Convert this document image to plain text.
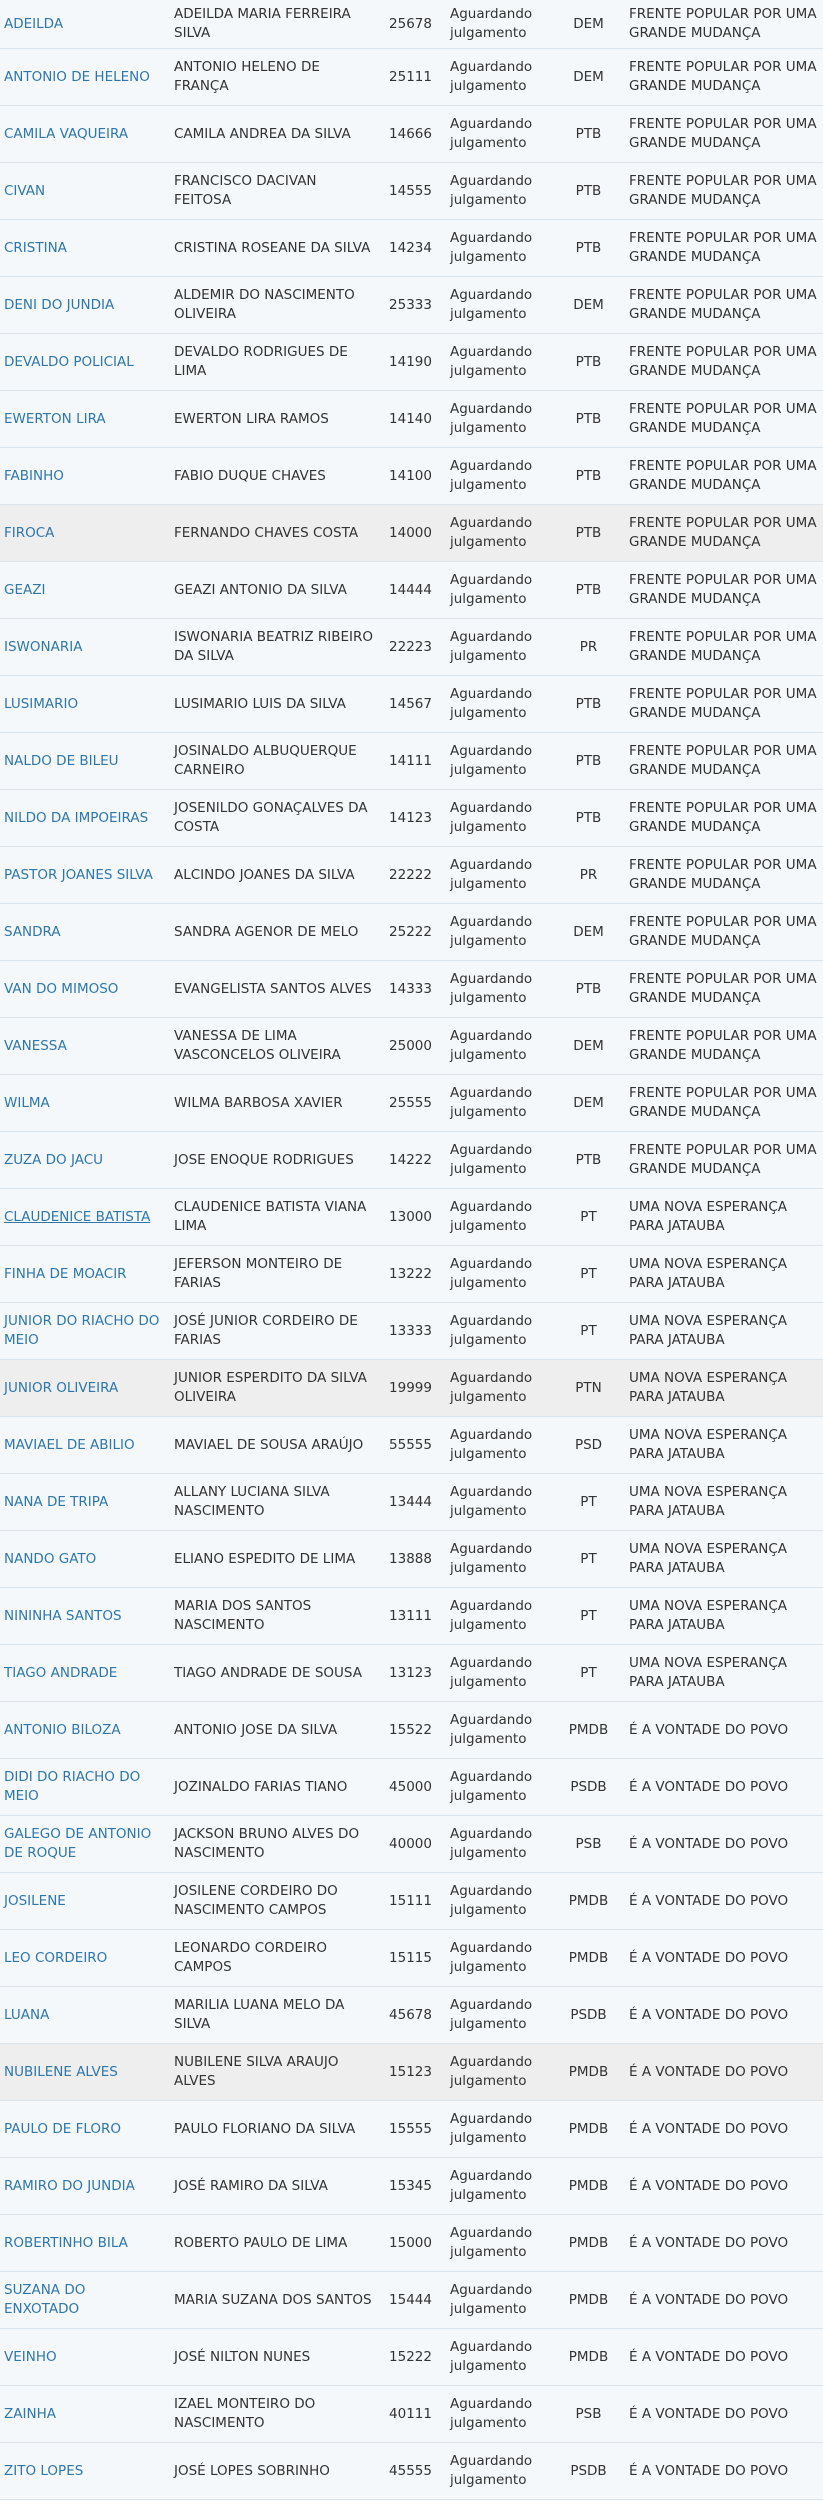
ADEILDA	ADEILDA MARIA FERREIRA SILVA	25678	Aguardando julgamento	DEM	FRENTE POPULAR POR UMA GRANDE MUDANÇA
ANTONIO DE HELENO	ANTONIO HELENO DE FRANÇA	25111	Aguardando julgamento	DEM	FRENTE POPULAR POR UMA GRANDE MUDANÇA
CAMILA VAQUEIRA	CAMILA ANDREA DA SILVA	14666	Aguardando julgamento	PTB	FRENTE POPULAR POR UMA GRANDE MUDANÇA
CIVAN	FRANCISCO DACIVAN FEITOSA	14555	Aguardando julgamento	PTB	FRENTE POPULAR POR UMA GRANDE MUDANÇA
CRISTINA	CRISTINA ROSEANE DA SILVA	14234	Aguardando julgamento	PTB	FRENTE POPULAR POR UMA GRANDE MUDANÇA
DENI DO JUNDIA	ALDEMIR DO NASCIMENTO OLIVEIRA	25333	Aguardando julgamento	DEM	FRENTE POPULAR POR UMA GRANDE MUDANÇA
DEVALDO POLICIAL	DEVALDO RODRIGUES DE LIMA	14190	Aguardando julgamento	PTB	FRENTE POPULAR POR UMA GRANDE MUDANÇA
EWERTON LIRA	EWERTON LIRA RAMOS	14140	Aguardando julgamento	PTB	FRENTE POPULAR POR UMA GRANDE MUDANÇA
FABINHO	FABIO DUQUE CHAVES	14100	Aguardando julgamento	PTB	FRENTE POPULAR POR UMA GRANDE MUDANÇA
FIROCA	FERNANDO CHAVES COSTA	14000	Aguardando julgamento	PTB	FRENTE POPULAR POR UMA GRANDE MUDANÇA
GEAZI	GEAZI ANTONIO DA SILVA	14444	Aguardando julgamento	PTB	FRENTE POPULAR POR UMA GRANDE MUDANÇA
ISWONARIA	ISWONARIA BEATRIZ RIBEIRO DA SILVA	22223	Aguardando julgamento	PR	FRENTE POPULAR POR UMA GRANDE MUDANÇA
LUSIMARIO	LUSIMARIO LUIS DA SILVA	14567	Aguardando julgamento	PTB	FRENTE POPULAR POR UMA GRANDE MUDANÇA
NALDO DE BILEU	JOSINALDO ALBUQUERQUE CARNEIRO	14111	Aguardando julgamento	PTB	FRENTE POPULAR POR UMA GRANDE MUDANÇA
NILDO DA IMPOEIRAS	JOSENILDO GONAÇALVES DA COSTA	14123	Aguardando julgamento	PTB	FRENTE POPULAR POR UMA GRANDE MUDANÇA
PASTOR JOANES SILVA	ALCINDO JOANES DA SILVA	22222	Aguardando julgamento	PR	FRENTE POPULAR POR UMA GRANDE MUDANÇA
SANDRA	SANDRA AGENOR DE MELO	25222	Aguardando julgamento	DEM	FRENTE POPULAR POR UMA GRANDE MUDANÇA
VAN DO MIMOSO	EVANGELISTA SANTOS ALVES	14333	Aguardando julgamento	PTB	FRENTE POPULAR POR UMA GRANDE MUDANÇA
VANESSA	VANESSA DE LIMA VASCONCELOS OLIVEIRA	25000	Aguardando julgamento	DEM	FRENTE POPULAR POR UMA GRANDE MUDANÇA
WILMA	WILMA BARBOSA XAVIER	25555	Aguardando julgamento	DEM	FRENTE POPULAR POR UMA GRANDE MUDANÇA
ZUZA DO JACU	JOSE ENOQUE RODRIGUES	14222	Aguardando julgamento	PTB	FRENTE POPULAR POR UMA GRANDE MUDANÇA
CLAUDENICE BATISTA	CLAUDENICE BATISTA VIANA LIMA	13000	Aguardando julgamento	PT	UMA NOVA ESPERANÇA PARA JATAUBA
FINHA DE MOACIR	JEFERSON MONTEIRO DE FARIAS	13222	Aguardando julgamento	PT	UMA NOVA ESPERANÇA PARA JATAUBA
JUNIOR DO RIACHO DO MEIO	JOSÉ JUNIOR CORDEIRO DE FARIAS	13333	Aguardando julgamento	PT	UMA NOVA ESPERANÇA PARA JATAUBA
JUNIOR OLIVEIRA	JUNIOR ESPERDITO DA SILVA OLIVEIRA	19999	Aguardando julgamento	PTN	UMA NOVA ESPERANÇA PARA JATAUBA
MAVIAEL DE ABILIO	MAVIAEL DE SOUSA ARAÚJO	55555	Aguardando julgamento	PSD	UMA NOVA ESPERANÇA PARA JATAUBA
NANA DE TRIPA	ALLANY LUCIANA SILVA NASCIMENTO	13444	Aguardando julgamento	PT	UMA NOVA ESPERANÇA PARA JATAUBA
NANDO GATO	ELIANO ESPEDITO DE LIMA	13888	Aguardando julgamento	PT	UMA NOVA ESPERANÇA PARA JATAUBA
NININHA SANTOS	MARIA DOS SANTOS NASCIMENTO	13111	Aguardando julgamento	PT	UMA NOVA ESPERANÇA PARA JATAUBA
TIAGO ANDRADE	TIAGO ANDRADE DE SOUSA	13123	Aguardando julgamento	PT	UMA NOVA ESPERANÇA PARA JATAUBA
ANTONIO BILOZA	ANTONIO JOSE DA SILVA	15522	Aguardando julgamento	PMDB	É A VONTADE DO POVO
DIDI DO RIACHO DO MEIO	JOZINALDO FARIAS TIANO	45000	Aguardando julgamento	PSDB	É A VONTADE DO POVO
GALEGO DE ANTONIO DE ROQUE	JACKSON BRUNO ALVES DO NASCIMENTO	40000	Aguardando julgamento	PSB	É A VONTADE DO POVO
JOSILENE	JOSILENE CORDEIRO DO NASCIMENTO CAMPOS	15111	Aguardando julgamento	PMDB	É A VONTADE DO POVO
LEO CORDEIRO	LEONARDO CORDEIRO CAMPOS	15115	Aguardando julgamento	PMDB	É A VONTADE DO POVO
LUANA	MARILIA LUANA MELO DA SILVA	45678	Aguardando julgamento	PSDB	É A VONTADE DO POVO
NUBILENE ALVES	NUBILENE SILVA ARAUJO ALVES	15123	Aguardando julgamento	PMDB	É A VONTADE DO POVO
PAULO DE FLORO	PAULO FLORIANO DA SILVA	15555	Aguardando julgamento	PMDB	É A VONTADE DO POVO
RAMIRO DO JUNDIA	JOSÉ RAMIRO DA SILVA	15345	Aguardando julgamento	PMDB	É A VONTADE DO POVO
ROBERTINHO BILA	ROBERTO PAULO DE LIMA	15000	Aguardando julgamento	PMDB	É A VONTADE DO POVO
SUZANA DO ENXOTADO	MARIA SUZANA DOS SANTOS	15444	Aguardando julgamento	PMDB	É A VONTADE DO POVO
VEINHO	JOSÉ NILTON NUNES	15222	Aguardando julgamento	PMDB	É A VONTADE DO POVO
ZAINHA	IZAEL MONTEIRO DO NASCIMENTO	40111	Aguardando julgamento	PSB	É A VONTADE DO POVO
ZITO LOPES	JOSÉ LOPES SOBRINHO	45555	Aguardando julgamento	PSDB	É A VONTADE DO POVO
